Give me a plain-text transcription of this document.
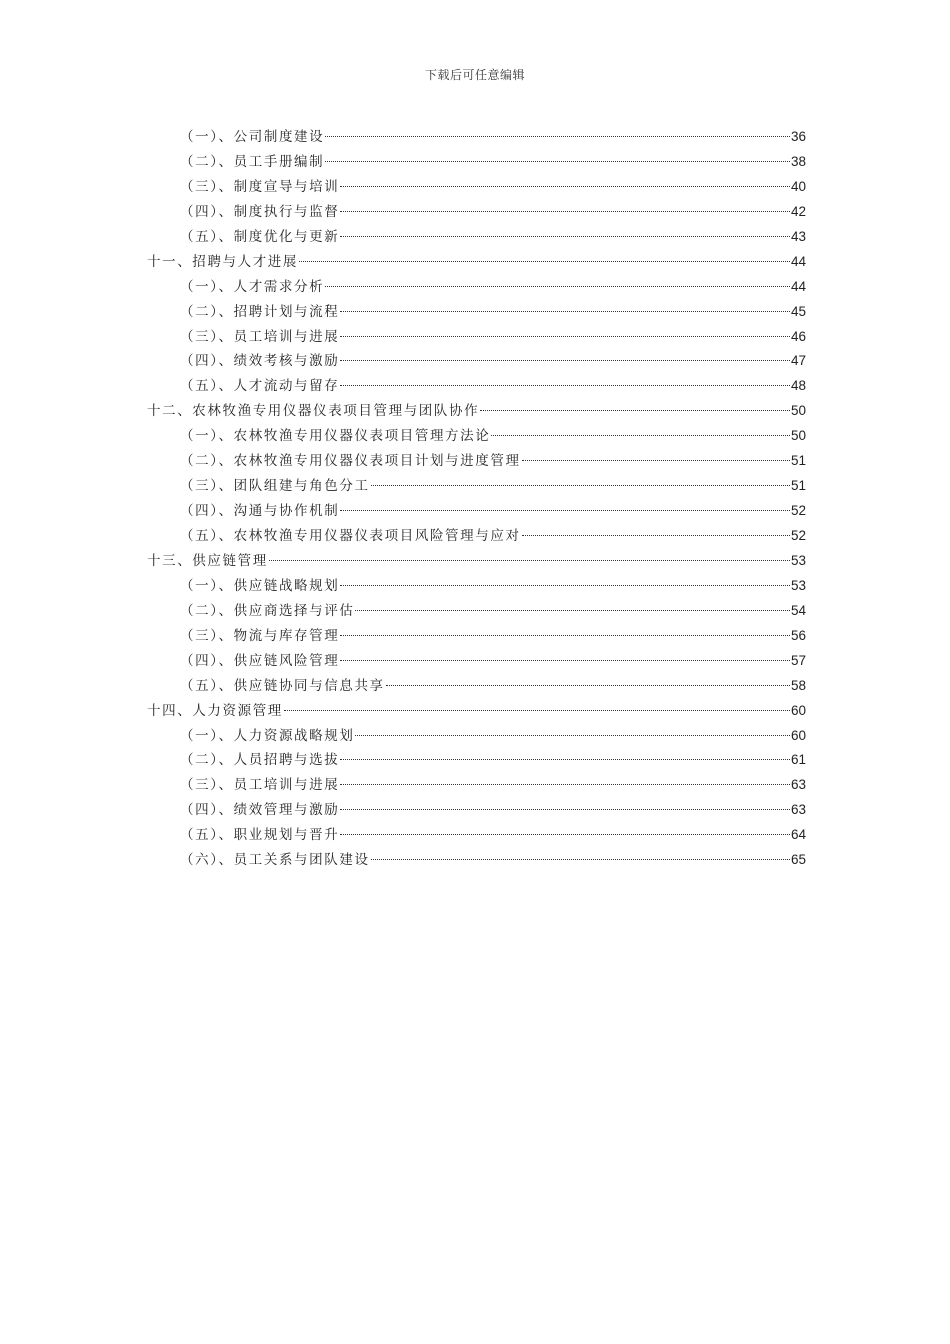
下载后可任意编辑
（一）、公司制度建设	36
（二）、员工手册编制	38
（三）、制度宣导与培训	40
（四）、制度执行与监督	42
（五）、制度优化与更新	43
十一、招聘与人才进展	44
（一）、人才需求分析	44
（二）、招聘计划与流程	45
（三）、员工培训与进展	46
（四）、绩效考核与激励	47
（五）、人才流动与留存	48
十二、农林牧渔专用仪器仪表项目管理与团队协作	50
（一）、农林牧渔专用仪器仪表项目管理方法论	50
（二）、农林牧渔专用仪器仪表项目计划与进度管理	51
（三）、团队组建与角色分工	51
（四）、沟通与协作机制	52
（五）、农林牧渔专用仪器仪表项目风险管理与应对	52
十三、供应链管理	53
（一）、供应链战略规划	53
（二）、供应商选择与评估	54
（三）、物流与库存管理	56
（四）、供应链风险管理	57
（五）、供应链协同与信息共享	58
十四、人力资源管理	60
（一）、人力资源战略规划	60
（二）、人员招聘与选拔	61
（三）、员工培训与进展	63
（四）、绩效管理与激励	63
（五）、职业规划与晋升	64
（六）、员工关系与团队建设	65
